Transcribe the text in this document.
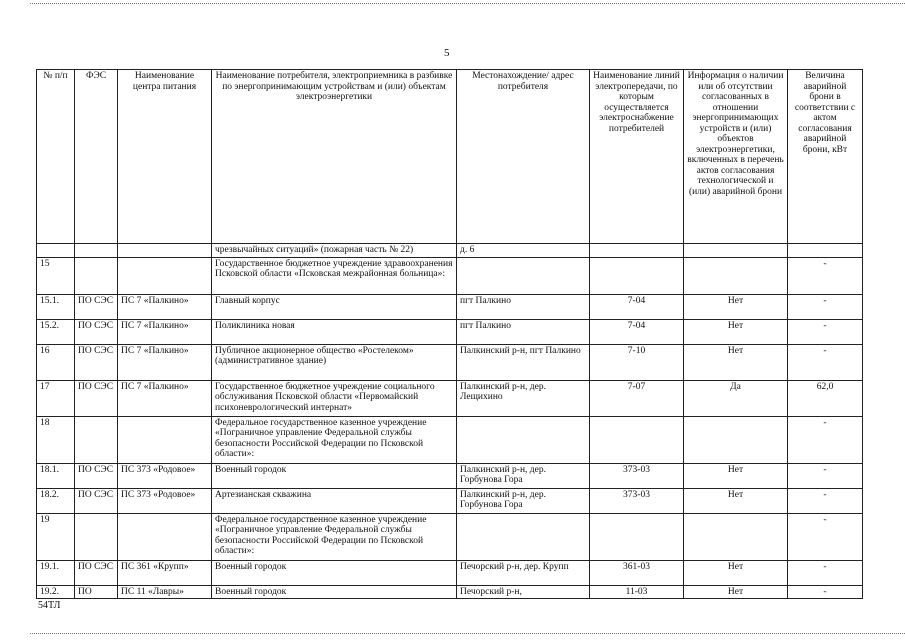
5
№ п/п	ФЭС	Наименование центра питания	Наименование потребителя, электроприемника в разбивке по энергопринимающим устройствам и (или) объектам электроэнергетики	Местонахождение/ адрес потребителя	Наименование линий электропередачи, по которым осуществляется электроснабжение потребителей	Информация о наличии или об отсутствии согласованных в отношении энергопринимающих устройств и (или) объектов электроэнергетики, включенных в перечень актов согласования технологической и (или) аварийной брони	Величина аварийной брони в соответствии с актом согласования аварийной брони, кВт
			чрезвычайных ситуаций» (пожарная часть № 22)	д. 6			
15			Государственное бюджетное учреждение здравоохранения Псковской области «Псковская межрайонная больница»:				-
15.1.	ПО СЭС	ПС 7 «Палкино»	Главный корпус	пгт Палкино	7-04	Нет	-
15.2.	ПО СЭС	ПС 7 «Палкино»	Поликлиника новая	пгт Палкино	7-04	Нет	-
16	ПО СЭС	ПС 7 «Палкино»	Публичное акционерное общество «Ростелеком» (административное здание)	Палкинский р-н, пгт Палкино	7-10	Нет	-
17	ПО СЭС	ПС 7 «Палкино»	Государственное бюджетное учреждение социального обслуживания Псковской области «Первомайский психоневрологический интернат»	Палкинский р-н, дер. Лещихино	7-07	Да	62,0
18			Федеральное государственное казенное учреждение «Пограничное управление Федеральной службы безопасности Российской Федерации по Псковской области»:				-
18.1.	ПО СЭС	ПС 373 «Родовое»	Военный городок	Палкинский р-н, дер. Горбунова Гора	373-03	Нет	-
18.2.	ПО СЭС	ПС 373 «Родовое»	Артезианская скважина	Палкинский р-н, дер. Горбунова Гора	373-03	Нет	-
19			Федеральное государственное казенное учреждение «Пограничное управление Федеральной службы безопасности Российской Федерации по Псковской области»:				-
19.1.	ПО СЭС	ПС 361 «Крупп»	Военный городок	Печорский р-н, дер. Крупп	361-03	Нет	-
19.2.	ПО	ПС 11 «Лавры»	Военный городок	Печорский р-н,	11-03	Нет	-
54ТЛ
